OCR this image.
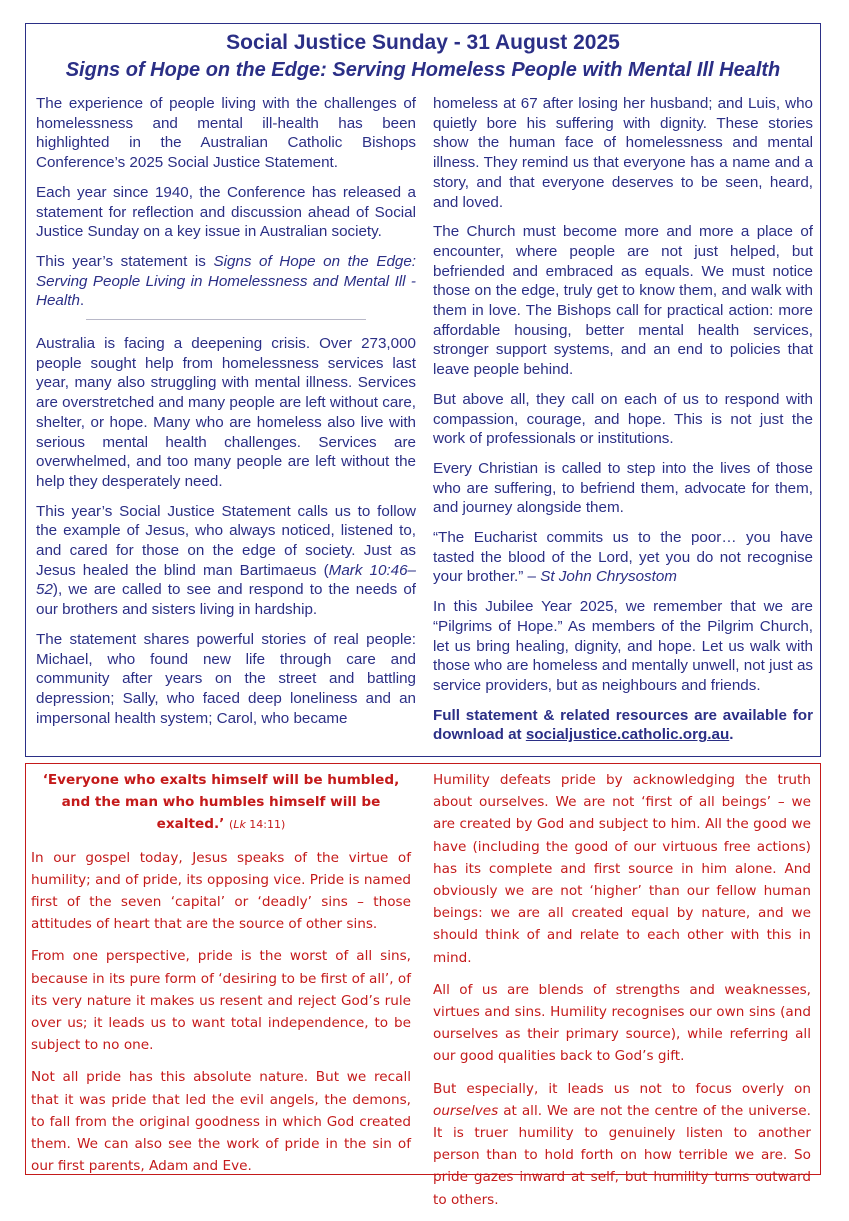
Social Justice Sunday - 31 August 2025
Signs of Hope on the Edge: Serving Homeless People with Mental Ill Health

The experience of people living with the challenges of homelessness and mental ill-health has been highlighted in the Australian Catholic Bishops Conference’s 2025 Social Justice Statement.

Each year since 1940, the Conference has released a statement for reflection and discussion ahead of Social Justice Sunday on a key issue in Australian society.

This year’s statement is Signs of Hope on the Edge: Serving People Living in Homelessness and Mental Ill -Health.

Australia is facing a deepening crisis. Over 273,000 people sought help from homelessness services last year, many also struggling with mental illness. Services are overstretched and many people are left without care, shelter, or hope. Many who are homeless also live with serious mental health challenges. Services are overwhelmed, and too many people are left without the help they desperately need.

This year’s Social Justice Statement calls us to follow the example of Jesus, who always noticed, listened to, and cared for those on the edge of society. Just as Jesus healed the blind man Bartimaeus (Mark 10:46–52), we are called to see and respond to the needs of our brothers and sisters living in hardship.

The statement shares powerful stories of real people: Michael, who found new life through care and community after years on the street and battling depression; Sally, who faced deep loneliness and an impersonal health system; Carol, who became

homeless at 67 after losing her husband; and Luis, who quietly bore his suffering with dignity. These stories show the human face of homelessness and mental illness. They remind us that everyone has a name and a story, and that everyone deserves to be seen, heard, and loved.

The Church must become more and more a place of encounter, where people are not just helped, but befriended and embraced as equals. We must notice those on the edge, truly get to know them, and walk with them in love. The Bishops call for practical action: more affordable housing, better mental health services, stronger support systems, and an end to policies that leave people behind.

But above all, they call on each of us to respond with compassion, courage, and hope. This is not just the work of professionals or institutions.

Every Christian is called to step into the lives of those who are suffering, to befriend them, advocate for them, and journey alongside them.

“The Eucharist commits us to the poor… you have tasted the blood of the Lord, yet you do not recognise your brother.” – St John Chrysostom

In this Jubilee Year 2025, we remember that we are “Pilgrims of Hope.” As members of the Pilgrim Church, let us bring healing, dignity, and hope. Let us walk with those who are homeless and mentally unwell, not just as service providers, but as neighbours and friends.

Full statement & related resources are available for download at socialjustice.catholic.org.au.

‘Everyone who exalts himself will be humbled, and the man who humbles himself will be exalted.’ (Lk 14:11)

In our gospel today, Jesus speaks of the virtue of humility; and of pride, its opposing vice. Pride is named first of the seven ‘capital’ or ‘deadly’ sins – those attitudes of heart that are the source of other sins.

From one perspective, pride is the worst of all sins, because in its pure form of ‘desiring to be first of all’, of its very nature it makes us resent and reject God’s rule over us; it leads us to want total independence, to be subject to no one.

Not all pride has this absolute nature. But we recall that it was pride that led the evil angels, the demons, to fall from the original goodness in which God created them. We can also see the work of pride in the sin of our first parents, Adam and Eve.

Humility defeats pride by acknowledging the truth about ourselves. We are not ‘first of all beings’ – we are created by God and subject to him. All the good we have (including the good of our virtuous free actions) has its complete and first source in him alone. And obviously we are not ‘higher’ than our fellow human beings: we are all created equal by nature, and we should think of and relate to each other with this in mind.

All of us are blends of strengths and weaknesses, virtues and sins. Humility recognises our own sins (and ourselves as their primary source), while referring all our good qualities back to God’s gift.

But especially, it leads us not to focus overly on ourselves at all. We are not the centre of the universe. It is truer humility to genuinely listen to another person than to hold forth on how terrible we are. So pride gazes inward at self, but humility turns outward to others.
